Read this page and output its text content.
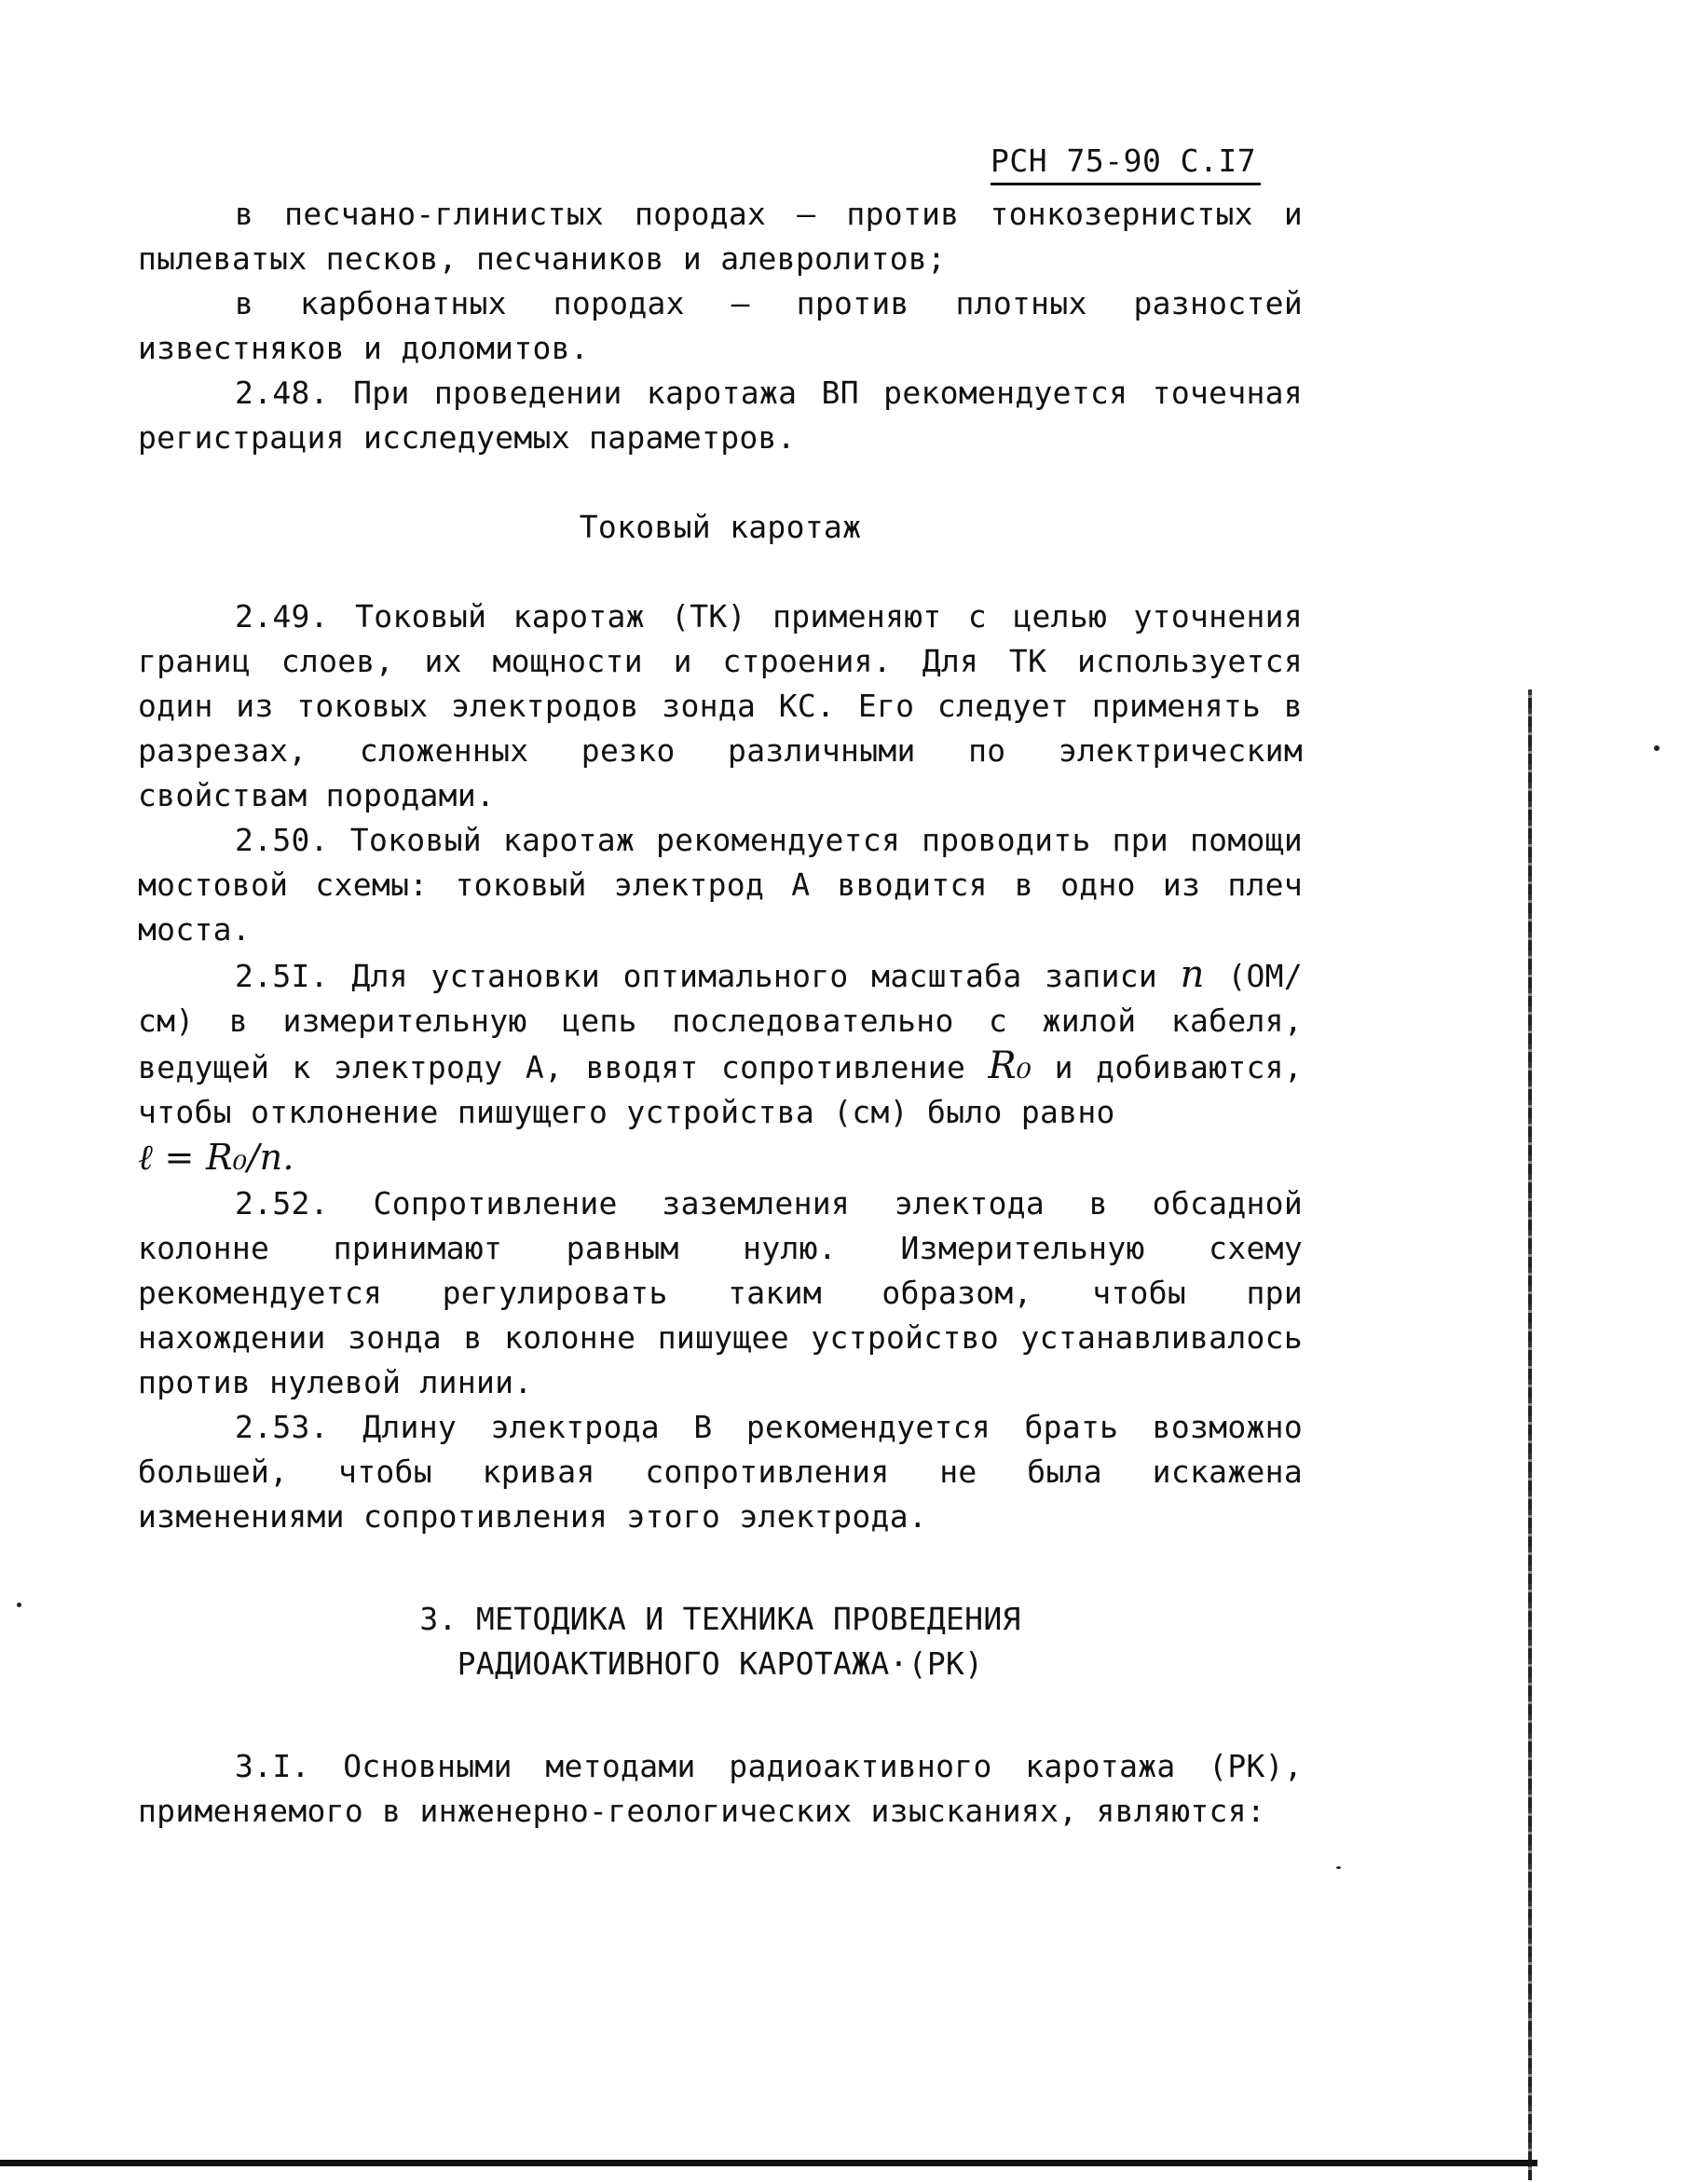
РСН 75-90 С.I7

в песчано-глинистых породах – против тонкозернистых и пылеватых песков, песчаников и алевролитов;

в карбонатных породах – против плотных разностей известняков и доломитов.

2.48. При проведении каротажа ВП рекомендуется точечная регистрация исследуемых параметров.

Токовый каротаж

2.49. Токовый каротаж (ТК) применяют с целью уточнения границ слоев, их мощности и строения. Для ТК используется один из токовых электродов зонда КС. Его следует применять в разрезах, сложенных резко различными по электрическим свойствам породами.

2.50. Токовый каротаж рекомендуется проводить при помощи мостовой схемы: токовый электрод А вводится в одно из плеч моста.

2.5I. Для установки оптимального масштаба записи n (ОМ/см) в измерительную цепь последовательно с жилой кабеля, ведущей к электроду А, вводят сопротивление R₀ и добиваются, чтобы отклонение пишущего устройства (см) было равно
ℓ = R₀/n.

2.52. Сопротивление заземления электода в обсадной колонне принимают равным нулю. Измерительную схему рекомендуется регулировать таким образом, чтобы при нахождении зонда в колонне пишущее устройство устанавливалось против нулевой линии.

2.53. Длину электрода В рекомендуется брать возможно большей, чтобы кривая сопротивления не была искажена изменениями сопротивления этого электрода.

3. МЕТОДИКА И ТЕХНИКА ПРОВЕДЕНИЯ

РАДИОАКТИВНОГО КАРОТАЖА·(РК)

3.I. Основными методами радиоактивного каротажа (РК), применяемого в инженерно-геологических изысканиях, являются:
